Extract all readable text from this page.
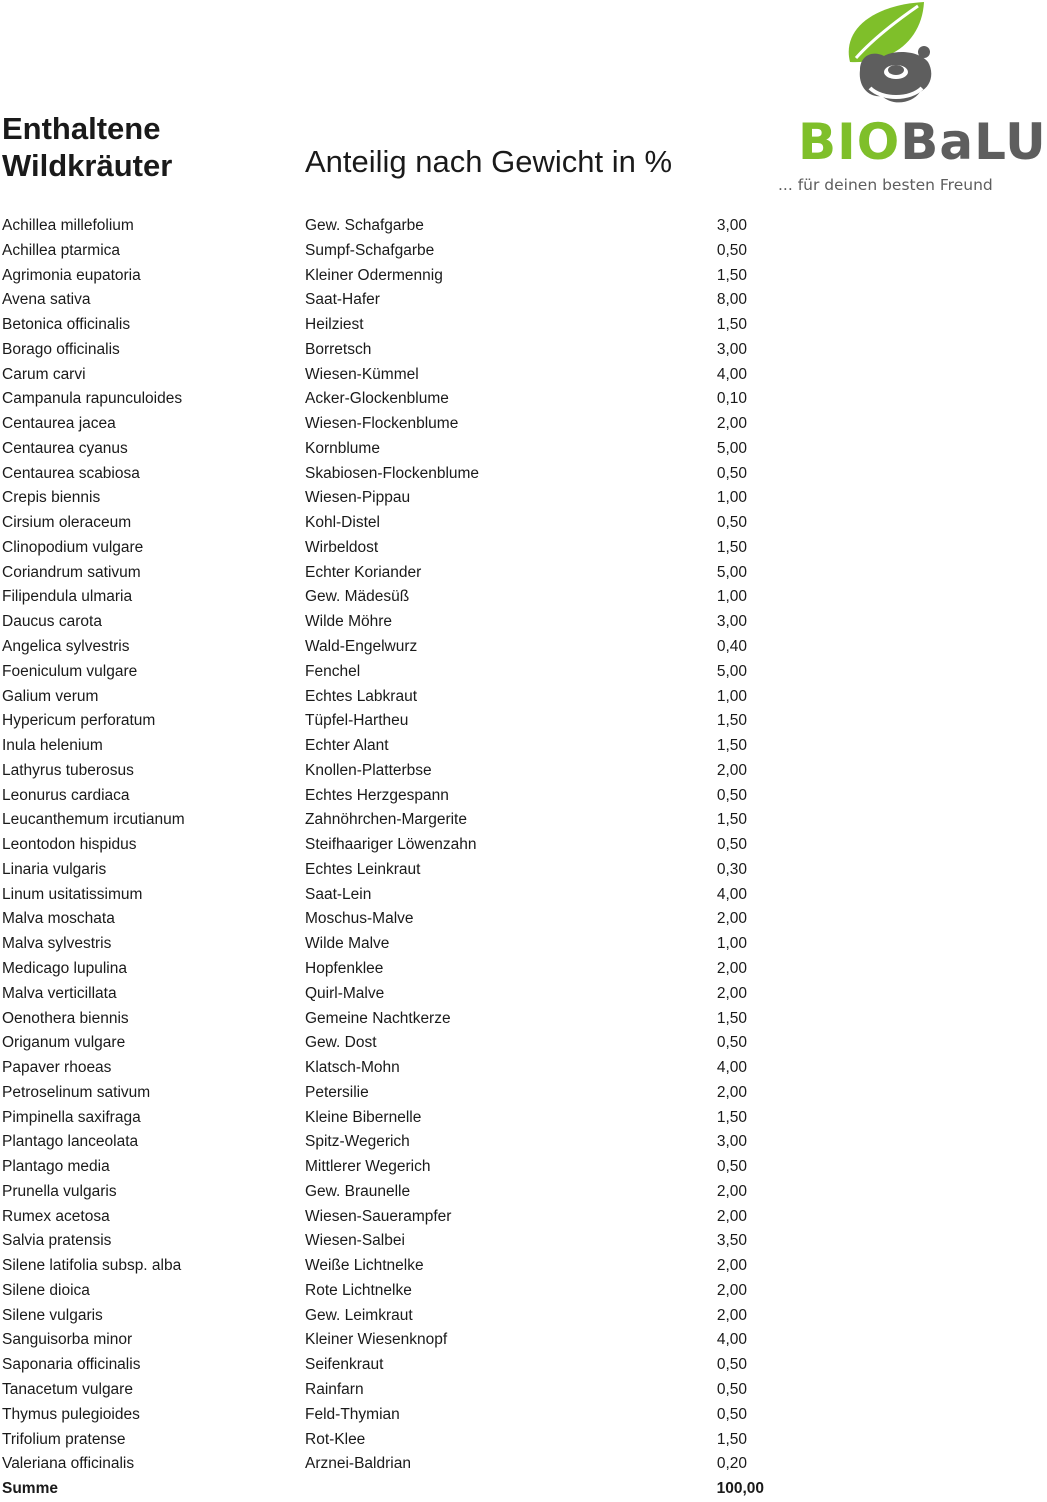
Enthaltene
Wildkräuter	Anteilig nach Gewicht in %	BIOBaLU
... für deinen besten Freund
Achillea millefolium	Gew. Schafgarbe	3,00
Achillea ptarmica	Sumpf-Schafgarbe	0,50
Agrimonia eupatoria	Kleiner Odermennig	1,50
Avena sativa	Saat-Hafer	8,00
Betonica officinalis	Heilziest	1,50
Borago officinalis	Borretsch	3,00
Carum carvi	Wiesen-Kümmel	4,00
Campanula rapunculoides	Acker-Glockenblume	0,10
Centaurea jacea	Wiesen-Flockenblume	2,00
Centaurea cyanus	Kornblume	5,00
Centaurea scabiosa	Skabiosen-Flockenblume	0,50
Crepis biennis	Wiesen-Pippau	1,00
Cirsium oleraceum	Kohl-Distel	0,50
Clinopodium vulgare	Wirbeldost	1,50
Coriandrum sativum	Echter Koriander	5,00
Filipendula ulmaria	Gew. Mädesüß	1,00
Daucus carota	Wilde Möhre	3,00
Angelica sylvestris	Wald-Engelwurz	0,40
Foeniculum vulgare	Fenchel	5,00
Galium verum	Echtes Labkraut	1,00
Hypericum perforatum	Tüpfel-Hartheu	1,50
Inula helenium	Echter Alant	1,50
Lathyrus tuberosus	Knollen-Platterbse	2,00
Leonurus cardiaca	Echtes Herzgespann	0,50
Leucanthemum ircutianum	Zahnöhrchen-Margerite	1,50
Leontodon hispidus	Steifhaariger Löwenzahn	0,50
Linaria vulgaris	Echtes Leinkraut	0,30
Linum usitatissimum	Saat-Lein	4,00
Malva moschata	Moschus-Malve	2,00
Malva sylvestris	Wilde Malve	1,00
Medicago lupulina	Hopfenklee	2,00
Malva verticillata	Quirl-Malve	2,00
Oenothera biennis	Gemeine Nachtkerze	1,50
Origanum vulgare	Gew. Dost	0,50
Papaver rhoeas	Klatsch-Mohn	4,00
Petroselinum sativum	Petersilie	2,00
Pimpinella saxifraga	Kleine Bibernelle	1,50
Plantago lanceolata	Spitz-Wegerich	3,00
Plantago media	Mittlerer Wegerich	0,50
Prunella vulgaris	Gew. Braunelle	2,00
Rumex acetosa	Wiesen-Sauerampfer	2,00
Salvia pratensis	Wiesen-Salbei	3,50
Silene latifolia subsp. alba	Weiße Lichtnelke	2,00
Silene dioica	Rote Lichtnelke	2,00
Silene vulgaris	Gew. Leimkraut	2,00
Sanguisorba minor	Kleiner Wiesenknopf	4,00
Saponaria officinalis	Seifenkraut	0,50
Tanacetum vulgare	Rainfarn	0,50
Thymus pulegioides	Feld-Thymian	0,50
Trifolium pratense	Rot-Klee	1,50
Valeriana officinalis	Arznei-Baldrian	0,20
Summe	100,00
